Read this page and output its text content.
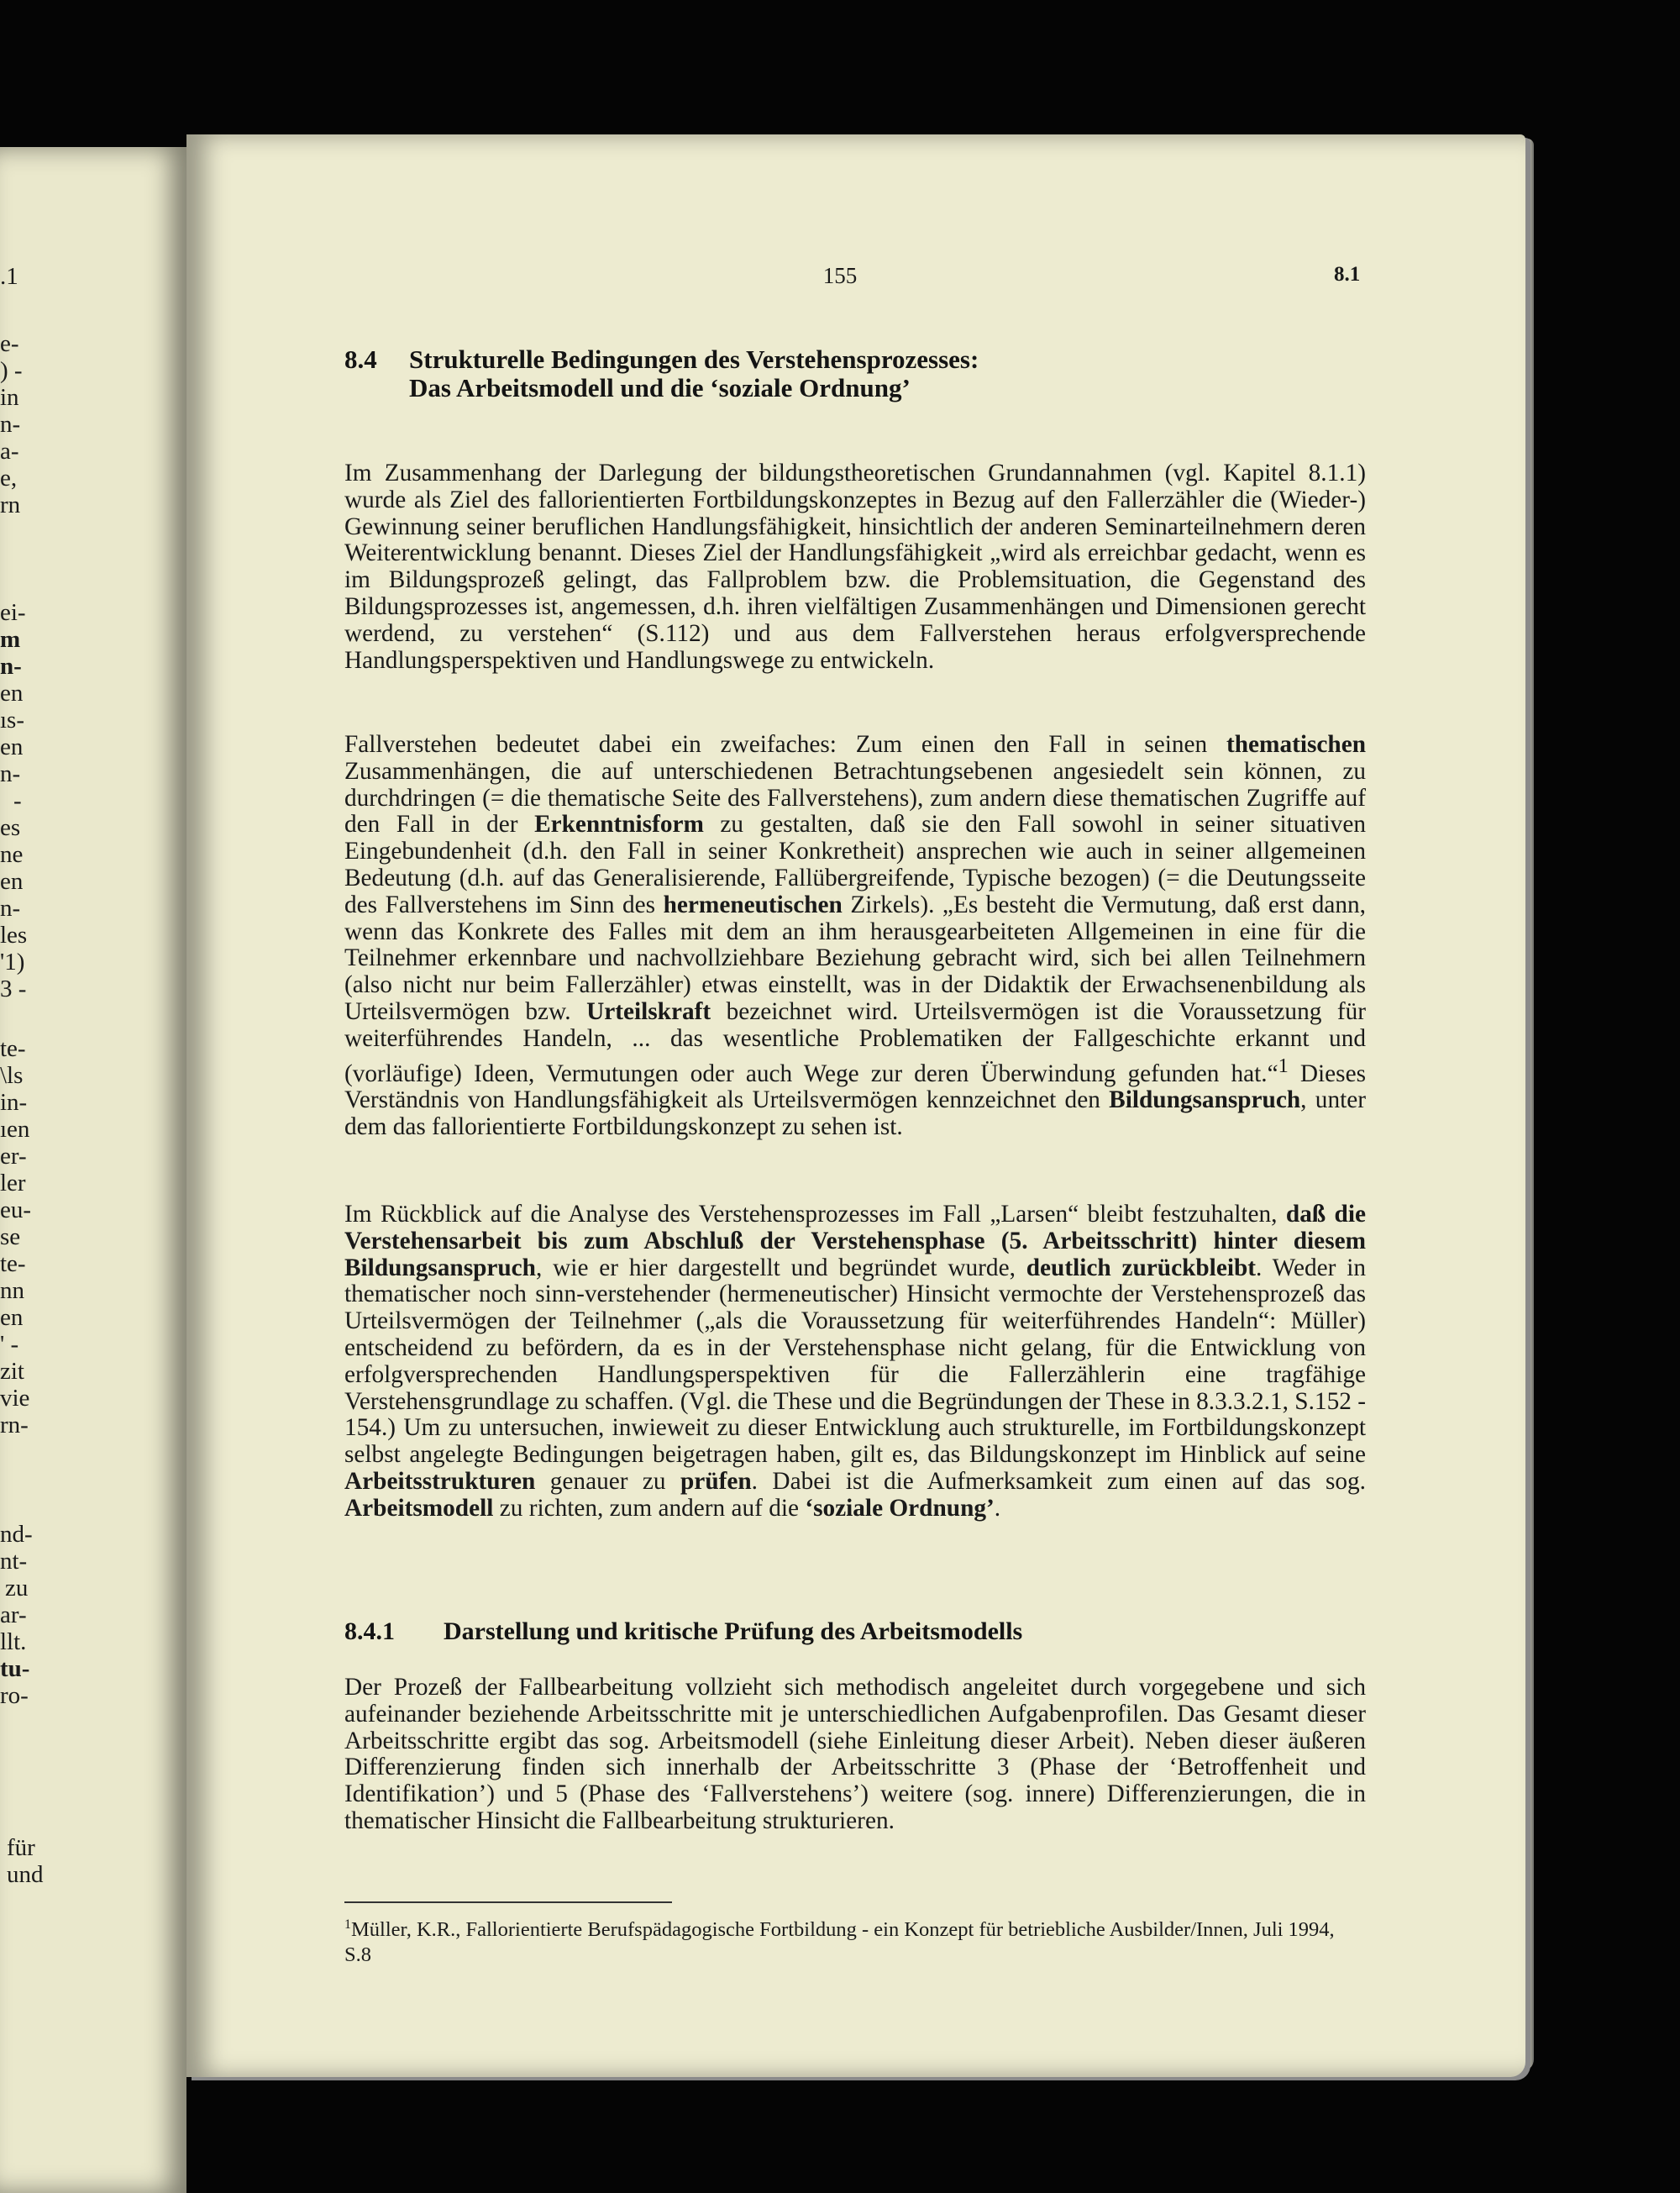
.1
e-
) -
in
n-
a-
e,
rn
ei-
m
n-
en
ıs-
en
n-
-
es
ne
en
n-
les
'1)
3 -
te-
\ls
in-
ıen
er-
ler
eu-
se
te-
nn
en
' -
zit
vie
rn-
nd-
nt-
zu
ar-
llt.
tu-
ro-
für
und
155	8.1
8.4 Strukturelle Bedingungen des Verstehensprozesses:
Das Arbeitsmodell und die ‘soziale Ordnung’
Im Zusammenhang der Darlegung der bildungstheoretischen Grundannahmen (vgl. Kapitel 8.1.1) wurde als Ziel des fallorientierten Fortbildungskonzeptes in Bezug auf den Fallerzähler die (Wieder-) Gewinnung seiner beruflichen Handlungsfähigkeit, hinsichtlich der anderen Seminarteilnehmern deren Weiterentwicklung benannt. Dieses Ziel der Handlungsfähigkeit „wird als erreichbar gedacht, wenn es im Bildungsprozeß gelingt, das Fallproblem bzw. die Problemsituation, die Gegenstand des Bildungsprozesses ist, angemessen, d.h. ihren vielfältigen Zusammenhängen und Dimensionen gerecht werdend, zu verstehen“ (S.112) und aus dem Fallverstehen heraus erfolgversprechende Handlungsperspektiven und Handlungswege zu entwickeln.
Fallverstehen bedeutet dabei ein zweifaches: Zum einen den Fall in seinen thematischen Zusammenhängen, die auf unterschiedenen Betrachtungsebenen angesiedelt sein können, zu durchdringen (= die thematische Seite des Fallverstehens), zum andern diese thematischen Zugriffe auf den Fall in der Erkenntnisform zu gestalten, daß sie den Fall sowohl in seiner situativen Eingebundenheit (d.h. den Fall in seiner Konkretheit) ansprechen wie auch in seiner allgemeinen Bedeutung (d.h. auf das Generalisierende, Fallübergreifende, Typische bezogen) (= die Deutungsseite des Fallverstehens im Sinn des hermeneutischen Zirkels). „Es besteht die Vermutung, daß erst dann, wenn das Konkrete des Falles mit dem an ihm herausgearbeiteten Allgemeinen in eine für die Teilnehmer erkennbare und nachvollziehbare Beziehung gebracht wird, sich bei allen Teilnehmern (also nicht nur beim Fallerzähler) etwas einstellt, was in der Didaktik der Erwachsenenbildung als Urteilsvermögen bzw. Urteilskraft bezeichnet wird. Urteilsvermögen ist die Voraussetzung für weiterführendes Handeln, ... das wesentliche Problematiken der Fallgeschichte erkannt und (vorläufige) Ideen, Vermutungen oder auch Wege zur deren Überwindung gefunden hat.“$^1$ Dieses Verständnis von Handlungsfähigkeit als Urteilsvermögen kennzeichnet den Bildungsanspruch, unter dem das fallorientierte Fortbildungskonzept zu sehen ist.
Im Rückblick auf die Analyse des Verstehensprozesses im Fall „Larsen“ bleibt festzuhalten, daß die Verstehensarbeit bis zum Abschluß der Verstehensphase (5. Arbeitsschritt) hinter diesem Bildungsanspruch, wie er hier dargestellt und begründet wurde, deutlich zurückbleibt. Weder in thematischer noch sinn-verstehender (hermeneutischer) Hinsicht vermochte der Verstehensprozeß das Urteilsvermögen der Teilnehmer („als die Voraussetzung für weiterführendes Handeln“: Müller) entscheidend zu befördern, da es in der Verstehensphase nicht gelang, für die Entwicklung von erfolgversprechenden Handlungsperspektiven für die Fallerzählerin eine tragfähige Verstehensgrundlage zu schaffen. (Vgl. die These und die Begründungen der These in 8.3.3.2.1, S.152 - 154.) Um zu untersuchen, inwieweit zu dieser Entwicklung auch strukturelle, im Fortbildungskonzept selbst angelegte Bedingungen beigetragen haben, gilt es, das Bildungskonzept im Hinblick auf seine Arbeitsstrukturen genauer zu prüfen. Dabei ist die Aufmerksamkeit zum einen auf das sog. Arbeitsmodell zu richten, zum andern auf die ‘soziale Ordnung’.
8.4.1 Darstellung und kritische Prüfung des Arbeitsmodells
Der Prozeß der Fallbearbeitung vollzieht sich methodisch angeleitet durch vorgegebene und sich aufeinander beziehende Arbeitsschritte mit je unterschiedlichen Aufgabenprofilen. Das Gesamt dieser Arbeitsschritte ergibt das sog. Arbeitsmodell (siehe Einleitung dieser Arbeit). Neben dieser äußeren Differenzierung finden sich innerhalb der Arbeitsschritte 3 (Phase der ‘Betroffenheit und Identifikation’) und 5 (Phase des ‘Fallverstehens’) weitere (sog. innere) Differenzierungen, die in thematischer Hinsicht die Fallbearbeitung strukturieren.
$^1$Müller, K.R., Fallorientierte Berufspädagogische Fortbildung - ein Konzept für betriebliche Ausbilder/Innen, Juli 1994, S.8
